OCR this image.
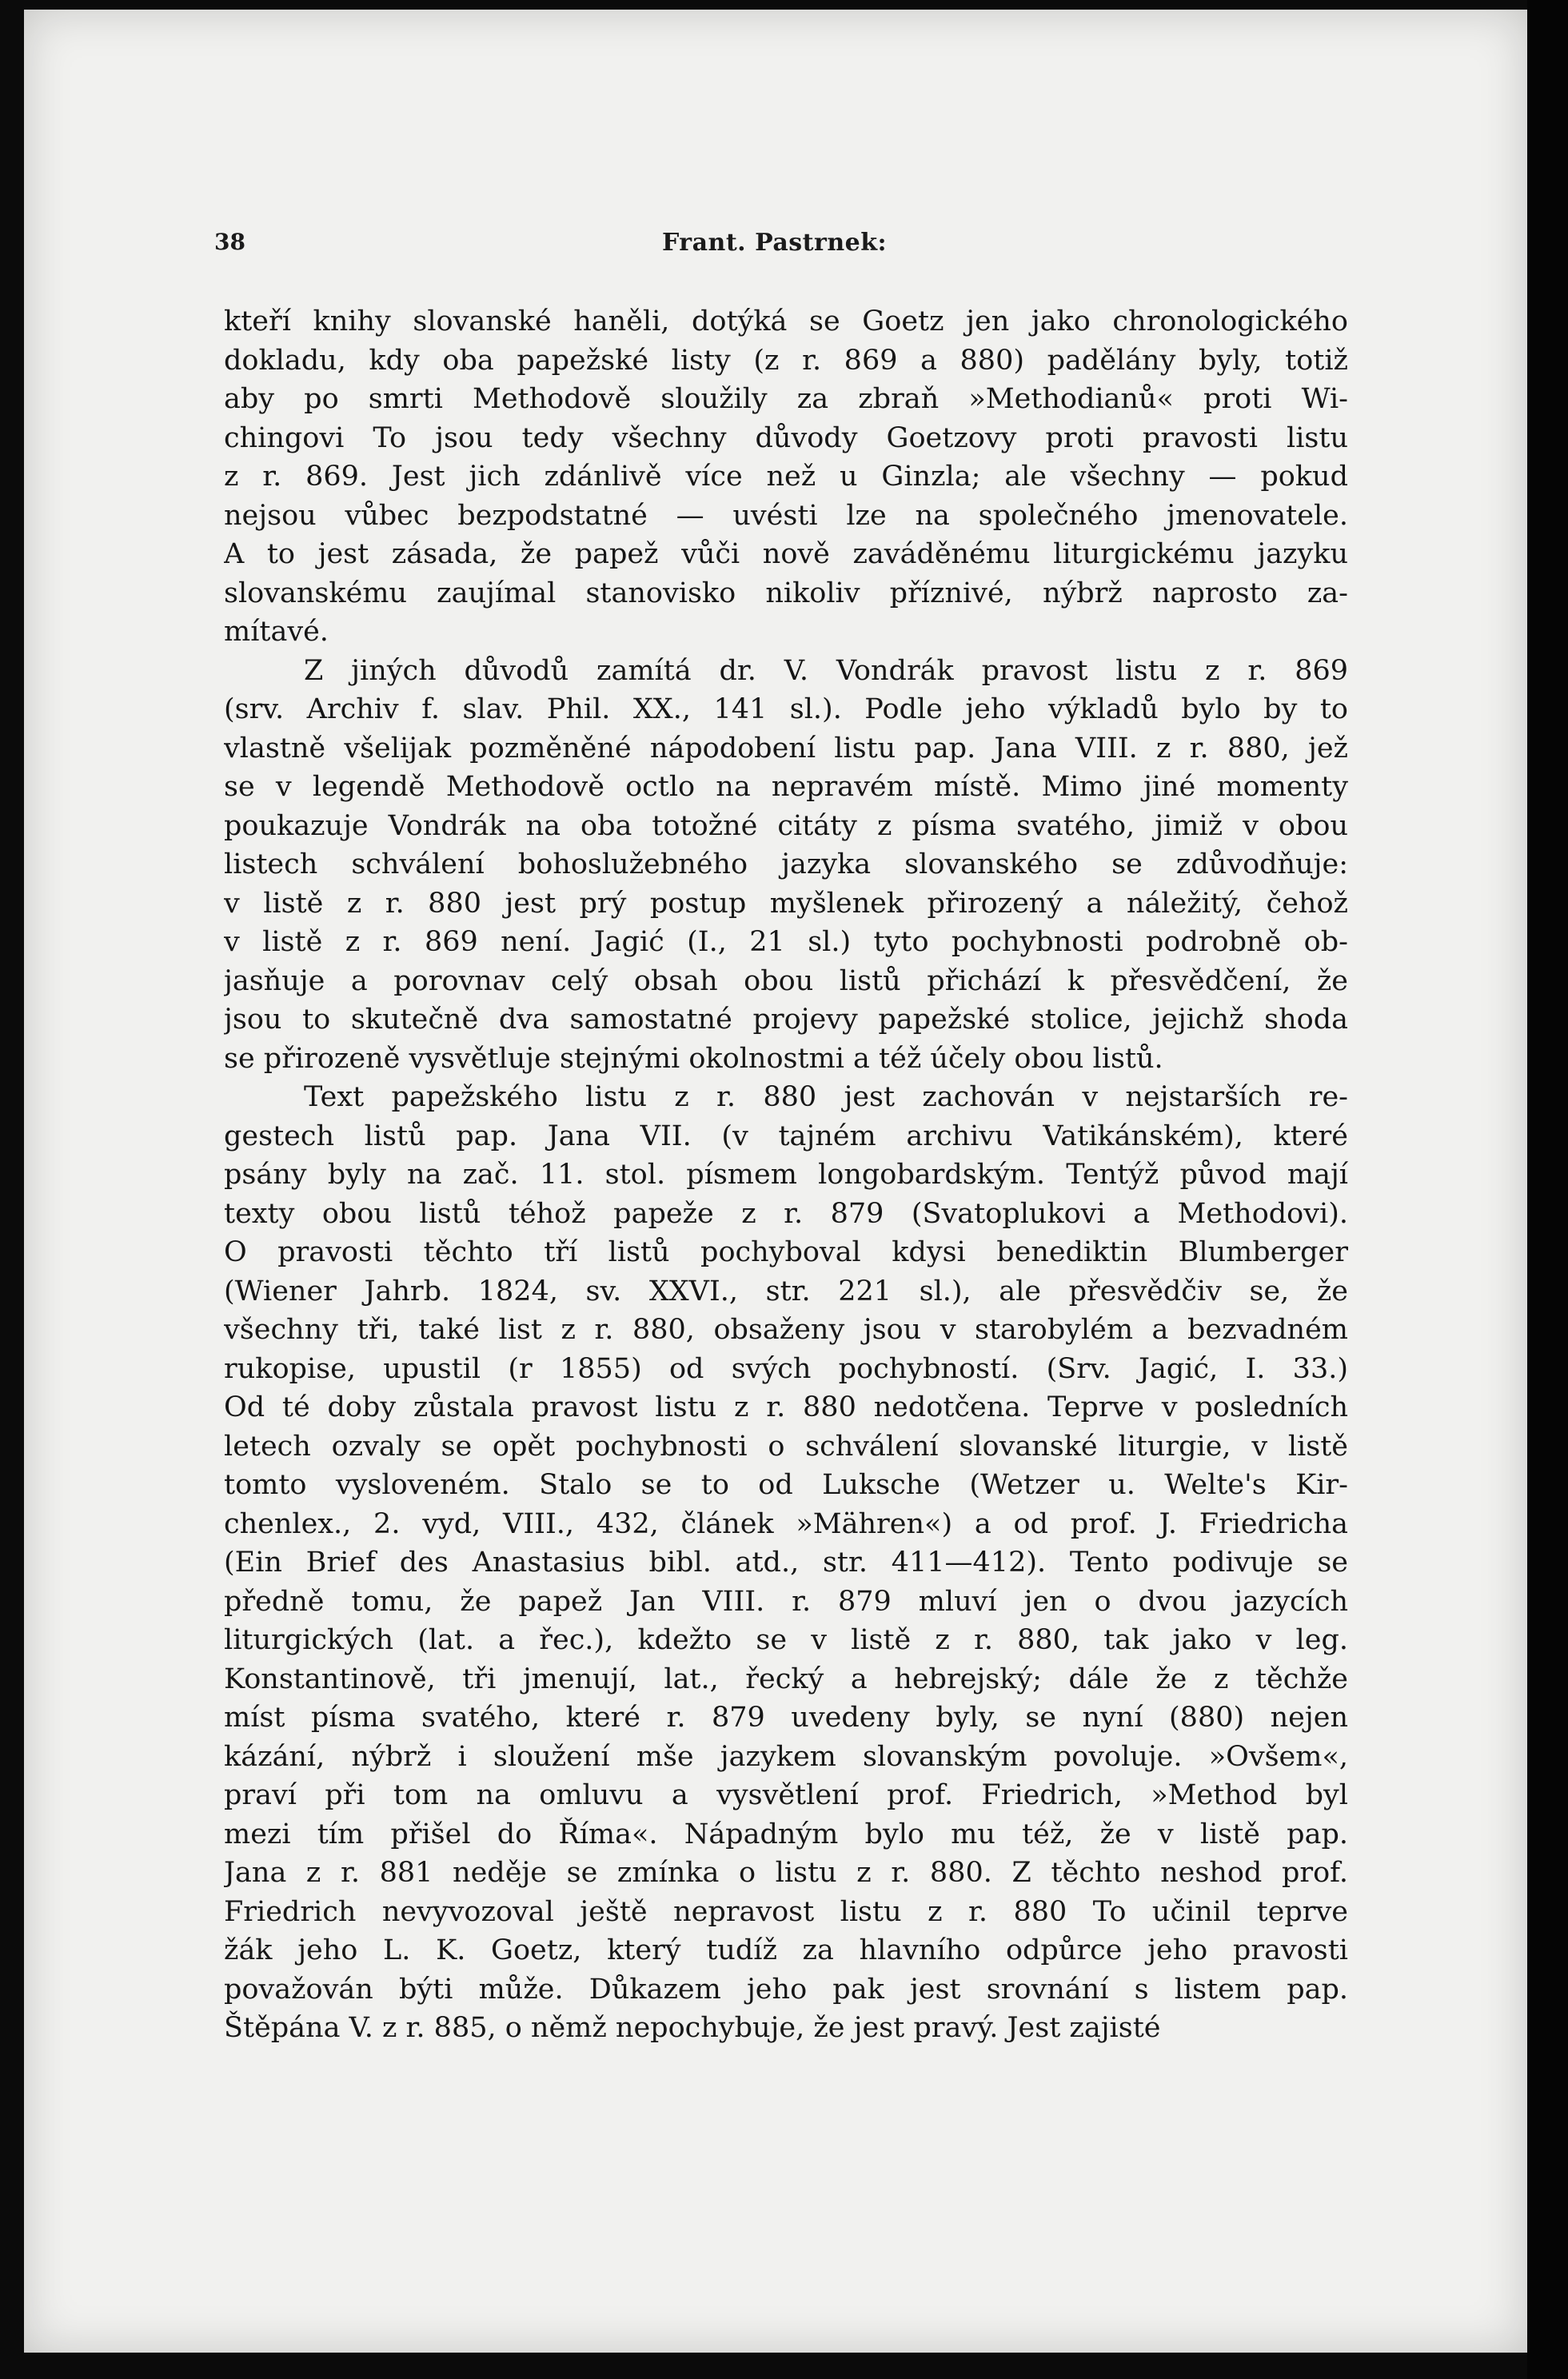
38	Frant. Pastrnek:
kteří knihy slovanské haněli, dotýká se Goetz jen jako chronologického
dokladu, kdy oba papežské listy (z r. 869 a 880) padělány byly, totiž
aby po smrti Methodově sloužily za zbraň »Methodianů« proti Wi-
chingovi To jsou tedy všechny důvody Goetzovy proti pravosti listu
z r. 869. Jest jich zdánlivě více než u Ginzla; ale všechny — pokud
nejsou vůbec bezpodstatné — uvésti lze na společného jmenovatele.
A to jest zásada, že papež vůči nově zaváděnému liturgickému jazyku
slovanskému zaujímal stanovisko nikoliv příznivé, nýbrž naprosto za-
mítavé.
Z jiných důvodů zamítá dr. V. Vondrák pravost listu z r. 869
(srv. Archiv f. slav. Phil. XX., 141 sl.). Podle jeho výkladů bylo by to
vlastně všelijak pozměněné nápodobení listu pap. Jana VIII. z r. 880, jež
se v legendě Methodově octlo na nepravém místě. Mimo jiné momenty
poukazuje Vondrák na oba totožné citáty z písma svatého, jimiž v obou
listech schválení bohoslužebného jazyka slovanského se zdůvodňuje:
v listě z r. 880 jest prý postup myšlenek přirozený a náležitý, čehož
v listě z r. 869 není. Jagić (I., 21 sl.) tyto pochybnosti podrobně ob-
jasňuje a porovnav celý obsah obou listů přichází k přesvědčení, že
jsou to skutečně dva samostatné projevy papežské stolice, jejichž shoda
se přirozeně vysvětluje stejnými okolnostmi a též účely obou listů.
Text papežského listu z r. 880 jest zachován v nejstarších re-
gestech listů pap. Jana VII. (v tajném archivu Vatikánském), které
psány byly na zač. 11. stol. písmem longobardským. Tentýž původ mají
texty obou listů téhož papeže z r. 879 (Svatoplukovi a Methodovi).
O pravosti těchto tří listů pochyboval kdysi benediktin Blumberger
(Wiener Jahrb. 1824, sv. XXVI., str. 221 sl.), ale přesvědčiv se, že
všechny tři, také list z r. 880, obsaženy jsou v starobylém a bezvadném
rukopise, upustil (r 1855) od svých pochybností. (Srv. Jagić, I. 33.)
Od té doby zůstala pravost listu z r. 880 nedotčena. Teprve v posledních
letech ozvaly se opět pochybnosti o schválení slovanské liturgie, v listě
tomto vysloveném. Stalo se to od Luksche (Wetzer u. Welte's Kir-
chenlex., 2. vyd, VIII., 432, článek »Mähren«) a od prof. J. Friedricha
(Ein Brief des Anastasius bibl. atd., str. 411—412). Tento podivuje se
předně tomu, že papež Jan VIII. r. 879 mluví jen o dvou jazycích
liturgických (lat. a řec.), kdežto se v listě z r. 880, tak jako v leg.
Konstantinově, tři jmenují, lat., řecký a hebrejský; dále že z těchže
míst písma svatého, které r. 879 uvedeny byly, se nyní (880) nejen
kázání, nýbrž i sloužení mše jazykem slovanským povoluje. »Ovšem«,
praví při tom na omluvu a vysvětlení prof. Friedrich, »Method byl
mezi tím přišel do Říma«. Nápadným bylo mu též, že v listě pap.
Jana z r. 881 neděje se zmínka o listu z r. 880. Z těchto neshod prof.
Friedrich nevyvozoval ještě nepravost listu z r. 880 To učinil teprve
žák jeho L. K. Goetz, který tudíž za hlavního odpůrce jeho pravosti
považován býti může. Důkazem jeho pak jest srovnání s listem pap.
Štěpána V. z r. 885, o němž nepochybuje, že jest pravý. Jest zajisté
